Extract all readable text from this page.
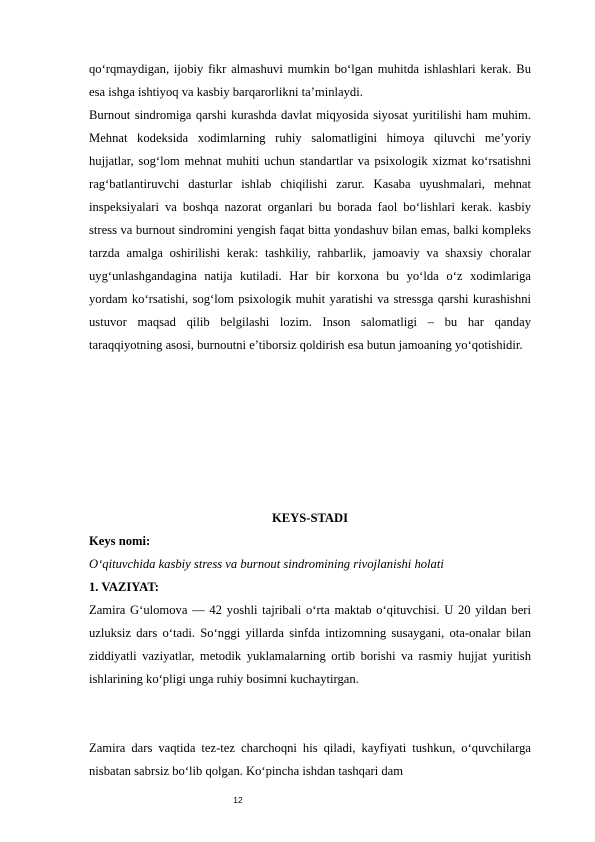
qo‘rqmaydigan, ijobiy fikr almashuvi mumkin bo‘lgan muhitda ishlashlari kerak. Bu esa ishga ishtiyoq va kasbiy barqarorlikni ta’minlaydi.

Burnout sindromiga qarshi kurashda davlat miqyosida siyosat yuritilishi ham muhim. Mehnat kodeksida xodimlarning ruhiy salomatligini himoya qiluvchi me’yoriy hujjatlar, sog‘lom mehnat muhiti uchun standartlar va psixologik xizmat ko‘rsatishni rag‘batlantiruvchi dasturlar ishlab chiqilishi zarur. Kasaba uyushmalari, mehnat inspeksiyalari va boshqa nazorat organlari bu borada faol bo‘lishlari kerak. kasbiy stress va burnout sindromini yengish faqat bitta yondashuv bilan emas, balki kompleks tarzda amalga oshirilishi kerak: tashkiliy, rahbarlik, jamoaviy va shaxsiy choralar uyg‘unlashgandagina natija kutiladi. Har bir korxona bu yo‘lda o‘z xodimlariga yordam ko‘rsatishi, sog‘lom psixologik muhit yaratishi va stressga qarshi kurashishni ustuvor maqsad qilib belgilashi lozim. Inson salomatligi – bu har qanday taraqqiyotning asosi, burnoutni e’tiborsiz qoldirish esa butun jamoaning yo‘qotishidir.

KEYS-STADI
Keys nomi:
O‘qituvchida kasbiy stress va burnout sindromining rivojlanishi holati
1. VAZIYAT:

Zamira G‘ulomova — 42 yoshli tajribali o‘rta maktab o‘qituvchisi. U 20 yildan beri uzluksiz dars o‘tadi. So‘nggi yillarda sinfda intizomning susaygani, ota-onalar bilan ziddiyatli vaziyatlar, metodik yuklamalarning ortib borishi va rasmiy hujjat yuritish ishlarining ko‘pligi unga ruhiy bosimni kuchaytirgan.

Zamira dars vaqtida tez-tez charchoqni his qiladi, kayfiyati tushkun, o‘quvchilarga nisbatan sabrsiz bo‘lib qolgan. Ko‘pincha ishdan tashqari dam

12
